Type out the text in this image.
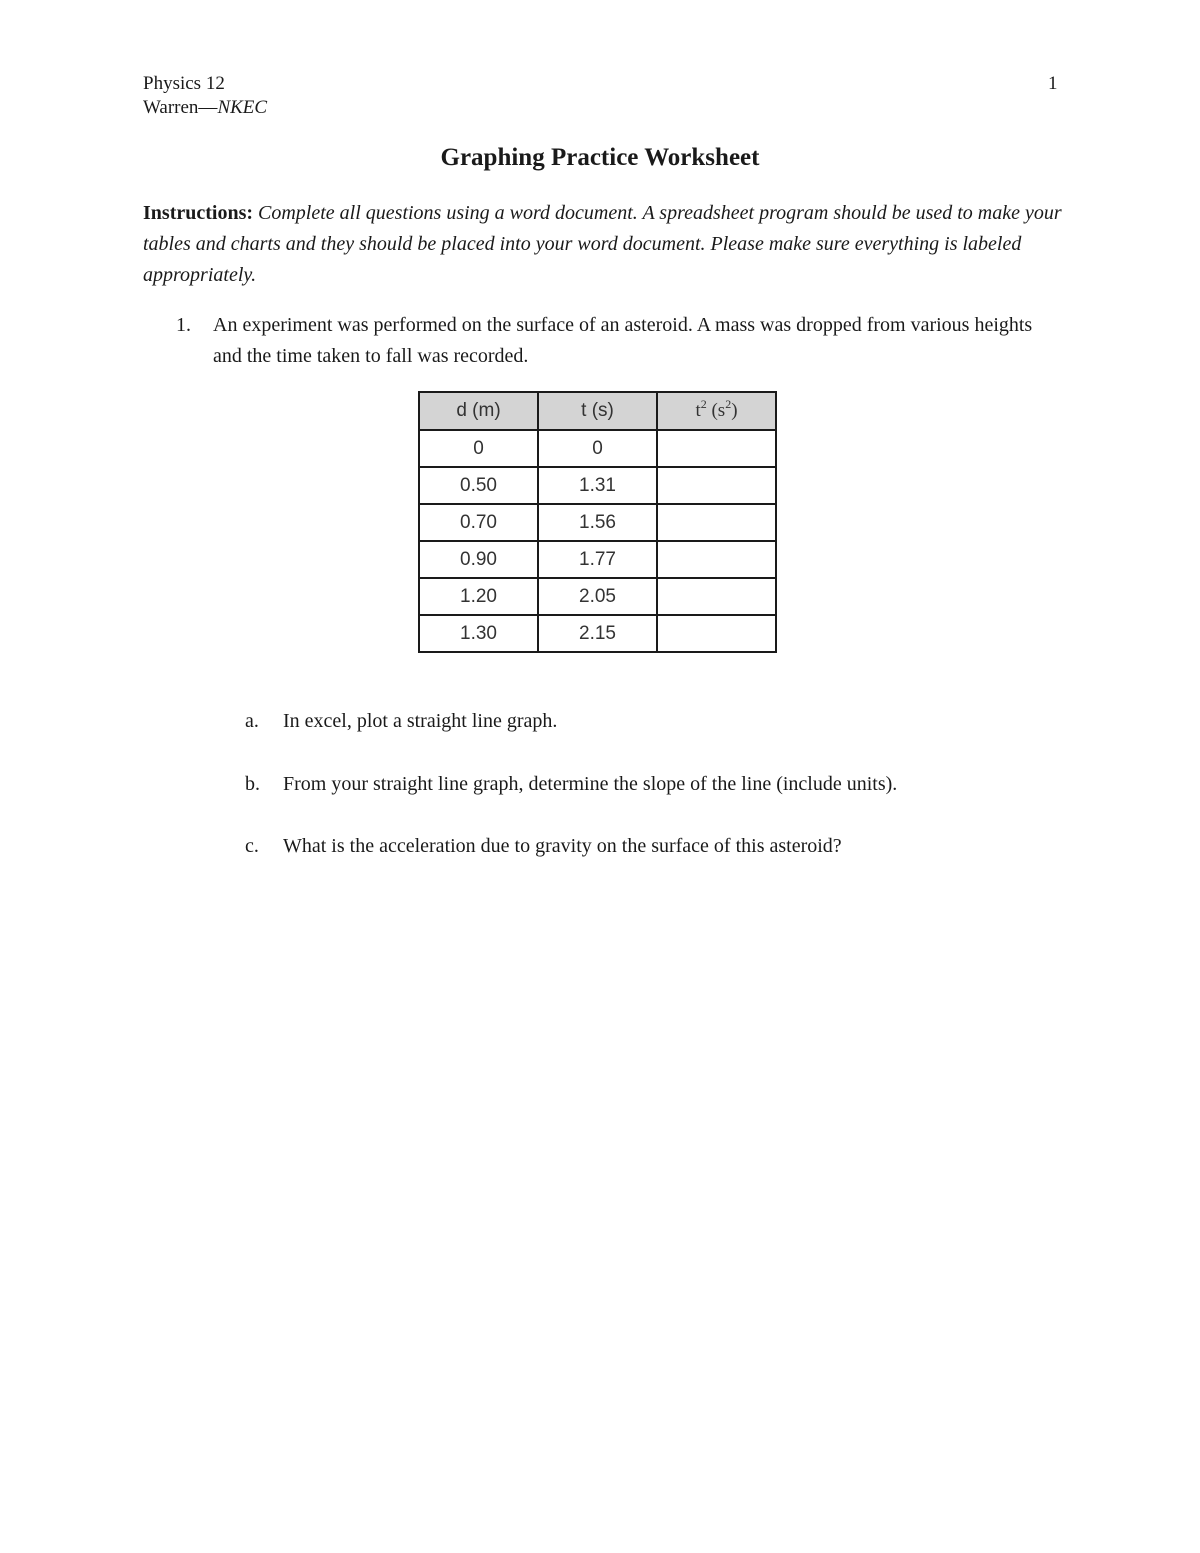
Physics 12
Warren—NKEC
1
Graphing Practice Worksheet
Instructions: Complete all questions using a word document. A spreadsheet program should be used to make your tables and charts and they should be placed into your word document. Please make sure everything is labeled appropriately.
1. An experiment was performed on the surface of an asteroid. A mass was dropped from various heights and the time taken to fall was recorded.
d (m)	t (s)	$t^2$ $(s^2)$
0	0	
0.50	1.31	
0.70	1.56	
0.90	1.77	
1.20	2.05	
1.30	2.15	
a. In excel, plot a straight line graph.
b. From your straight line graph, determine the slope of the line (include units).
c. What is the acceleration due to gravity on the surface of this asteroid?
